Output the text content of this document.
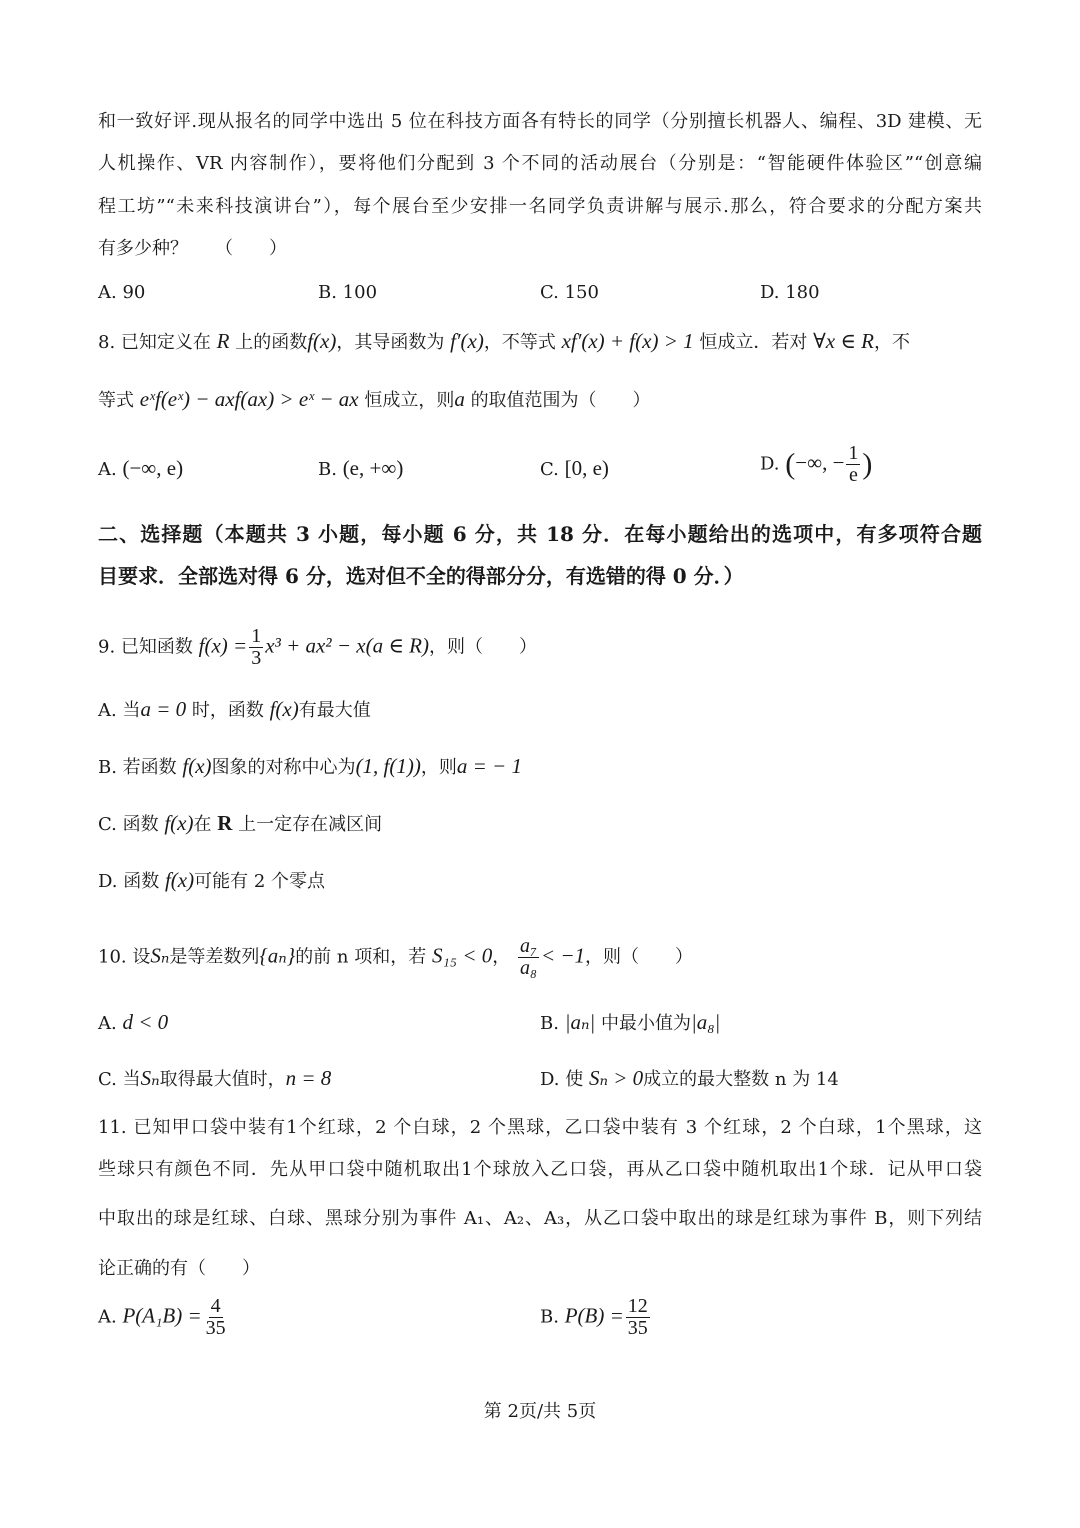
和一致好评.现从报名的同学中选出 5 位在科技方面各有特长的同学（分别擅长机器人、编程、3D 建模、无
人机操作、VR 内容制作），要将他们分配到 3 个不同的活动展台（分别是：“智能硬件体验区”“创意编
程工坊”“未来科技演讲台”），每个展台至少安排一名同学负责讲解与展示.那么，符合要求的分配方案共
有多少种？　　（　　）
A. 90	B. 100	C. 150	D. 180
8. 已知定义在 R 上的函数f(x)，其导函数为 f′(x)，不等式 xf′(x) + f(x) > 1 恒成立．若对 ∀x ∈ R，不
等式 eˣf(eˣ) − axf(ax) > eˣ − ax 恒成立，则a 的取值范围为（　　）
A. (−∞, e)	B. (e, +∞)	C. [0, e)	D. (−∞, − $\frac{1}{e}$ )
二、选择题（本题共 3 小题，每小题 6 分，共 18 分．在每小题给出的选项中，有多项符合题
目要求．全部选对得 6 分，选对但不全的得部分分，有选错的得 0 分．）
9. 已知函数 $f(x) = \frac{1}{3} x^3 + ax^2 - x(a$ ∈ R)，则（　　）
A. 当a = 0 时，函数 f(x)有最大值
B. 若函数 f(x)图象的对称中心为(1, f(1))，则a = − 1
C. 函数 f(x)在 R 上一定存在减区间
D. 函数 f(x)可能有 2 个零点
10. 设Sₙ是等差数列{aₙ}的前 n 项和，若 S₁₅ < 0， $\frac{\text{a₇}}{\text{a₈}} < -1$，则（　　）
A. d < 0	B. |aₙ| 中最小值为|a₈|
C. 当Sₙ取得最大值时，n = 8	D. 使 Sₙ > 0成立的最大整数 n 为 14
11. 已知甲口袋中装有1个红球，2 个白球，2 个黑球，乙口袋中装有 3 个红球，2 个白球，1个黑球，这
些球只有颜色不同．先从甲口袋中随机取出1个球放入乙口袋，再从乙口袋中随机取出1个球．记从甲口袋
中取出的球是红球、白球、黑球分别为事件 A₁、A₂、A₃，从乙口袋中取出的球是红球为事件 B，则下列结
论正确的有（　　）
A. $P(A_1B) = \frac{4}{35}$	B. $P(B) = \frac{12}{35}$
第 2页/共 5页
